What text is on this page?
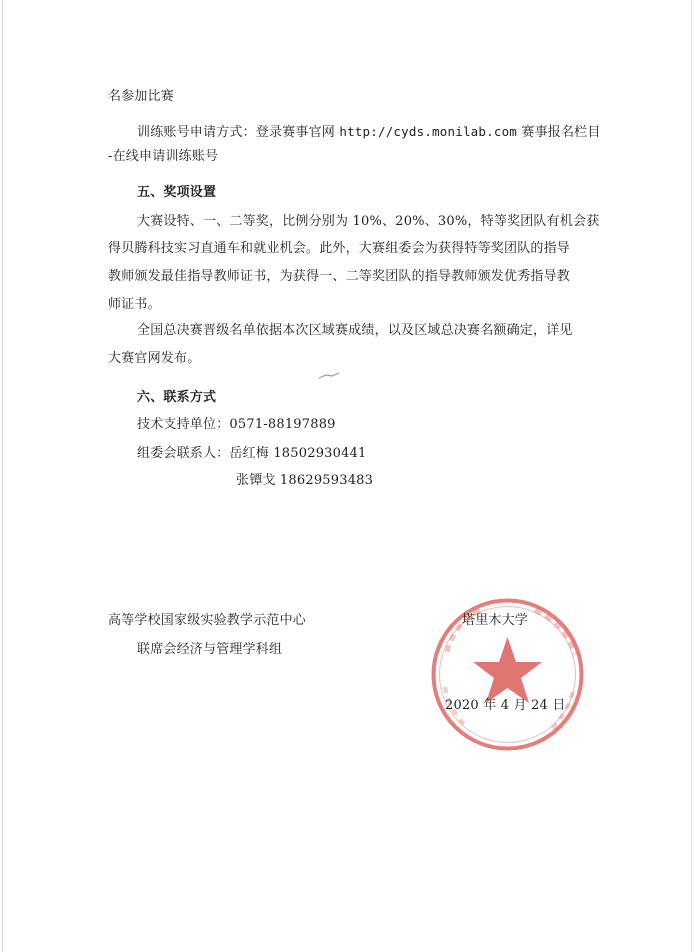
名参加比赛
训练账号申请方式：登录赛事官网 http://cyds.monilab.com 赛事报名栏目
-在线申请训练账号
五、奖项设置
大赛设特、一、二等奖，比例分别为 10%、20%、30%，特等奖团队有机会获
得贝腾科技实习直通车和就业机会。此外，大赛组委会为获得特等奖团队的指导
教师颁发最佳指导教师证书，为获得一、二等奖团队的指导教师颁发优秀指导教
师证书。
全国总决赛晋级名单依据本次区域赛成绩，以及区域总决赛名额确定，详见
大赛官网发布。
六、联系方式
技术支持单位：0571-88197889
组委会联系人：岳红梅 18502930441
张镡戈 18629593483
高等学校国家级实验教学示范中心
联席会经济与管理学科组
塔里木大学
2020 年 4 月 24 日
